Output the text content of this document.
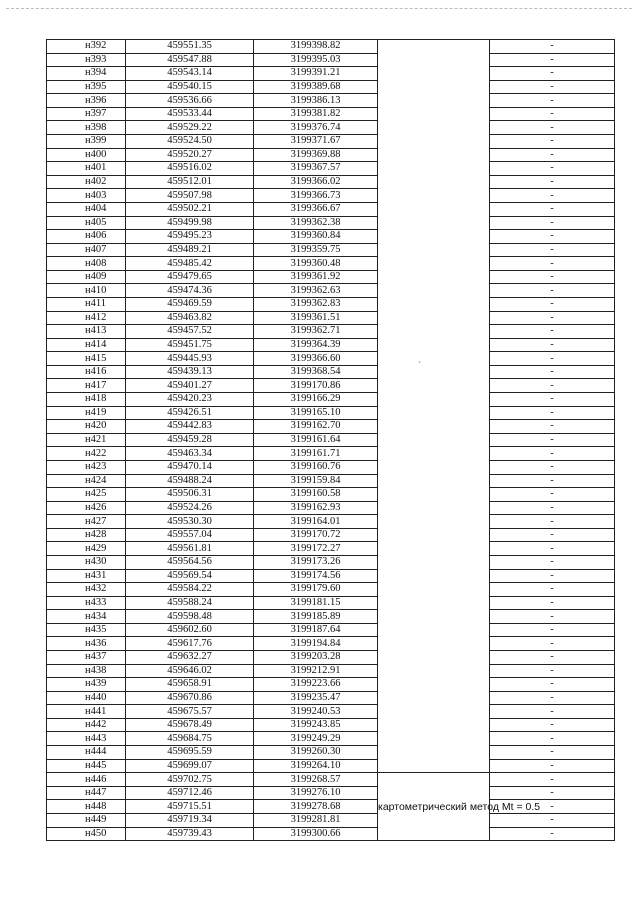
н392	459551.35	3199398.82		-
н393	459547.88	3199395.03		-
н394	459543.14	3199391.21		-
н395	459540.15	3199389.68		-
н396	459536.66	3199386.13		-
н397	459533.44	3199381.82		-
н398	459529.22	3199376.74		-
н399	459524.50	3199371.67		-
н400	459520.27	3199369.88		-
н401	459516.02	3199367.57		-
н402	459512.01	3199366.02		-
н403	459507.98	3199366.73		-
н404	459502.21	3199366.67		-
н405	459499.98	3199362.38		-
н406	459495.23	3199360.84		-
н407	459489.21	3199359.75		-
н408	459485.42	3199360.48		-
н409	459479.65	3199361.92		-
н410	459474.36	3199362.63		-
н411	459469.59	3199362.83		-
н412	459463.82	3199361.51		-
н413	459457.52	3199362.71		-
н414	459451.75	3199364.39		-
н415	459445.93	3199366.60		-
н416	459439.13	3199368.54		-
н417	459401.27	3199170.86		-
н418	459420.23	3199166.29		-
н419	459426.51	3199165.10		-
н420	459442.83	3199162.70		-
н421	459459.28	3199161.64		-
н422	459463.34	3199161.71		-
н423	459470.14	3199160.76		-
н424	459488.24	3199159.84		-
н425	459506.31	3199160.58		-
н426	459524.26	3199162.93		-
н427	459530.30	3199164.01		-
н428	459557.04	3199170.72		-
н429	459561.81	3199172.27		-
н430	459564.56	3199173.26		-
н431	459569.54	3199174.56		-
н432	459584.22	3199179.60		-
н433	459588.24	3199181.15		-
н434	459598.48	3199185.89		-
н435	459602.60	3199187.64		-
н436	459617.76	3199194.84		-
н437	459632.27	3199203.28		-
н438	459646.02	3199212.91		-
н439	459658.91	3199223.66		-
н440	459670.86	3199235.47		-
н441	459675.57	3199240.53		-
н442	459678.49	3199243.85		-
н443	459684.75	3199249.29		-
н444	459695.59	3199260.30		-
н445	459699.07	3199264.10		-
н446	459702.75	3199268.57	картометрический метод Mt = 0.5	-
н447	459712.46	3199276.10		-
н448	459715.51	3199278.68		-
н449	459719.34	3199281.81		-
н450	459739.43	3199300.66		-
`
